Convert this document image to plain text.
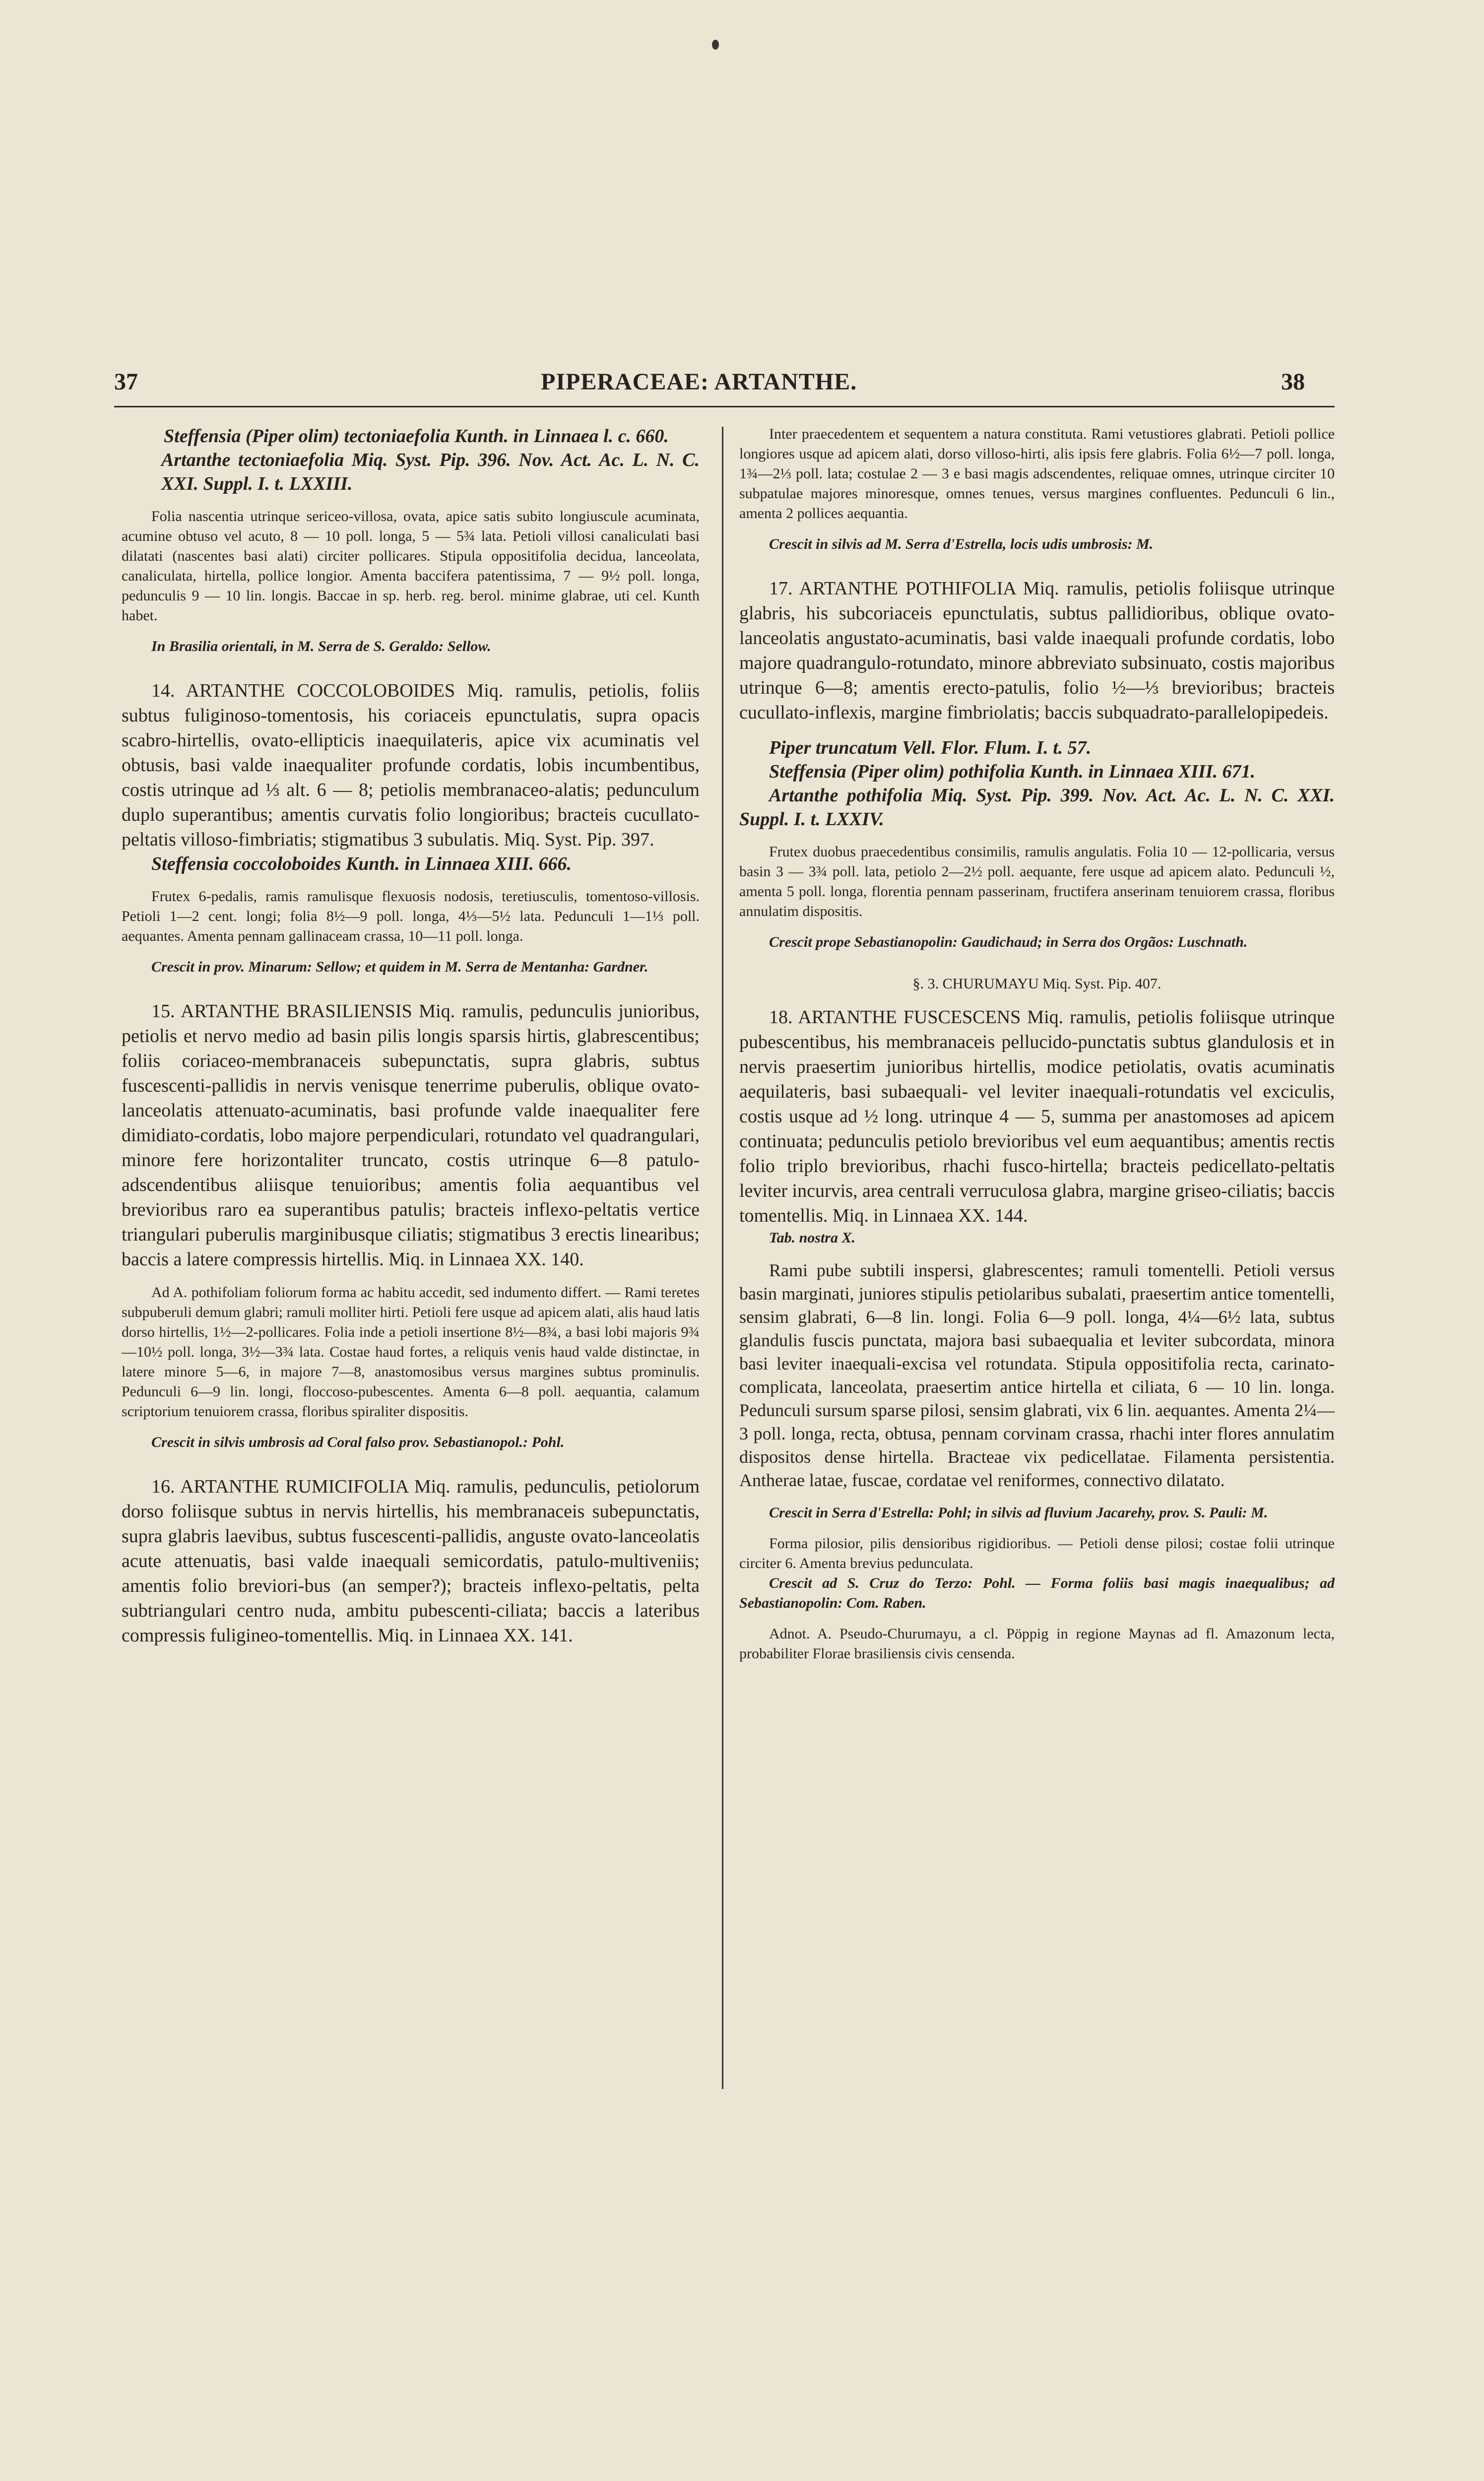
37	PIPERACEAE: ARTANTHE.	38

Steffensia (Piper olim) tectoniaefolia Kunth. in Linnaea l. c. 660.

Artanthe tectoniaefolia Miq. Syst. Pip. 396. Nov. Act. Ac. L. N. C. XXI. Suppl. I. t. LXXIII.

Folia nascentia utrinque sericeo-villosa, ovata, apice satis subito longiuscule acuminata, acumine obtuso vel acuto, 8 — 10 poll. longa, 5 — 5¾ lata. Petioli villosi canaliculati basi dilatati (nascentes basi alati) circiter pollicares. Stipula oppositifolia decidua, lanceolata, canaliculata, hirtella, pollice longior. Amenta baccifera patentissima, 7 — 9½ poll. longa, pedunculis 9 — 10 lin. longis. Baccae in sp. herb. reg. berol. minime glabrae, uti cel. Kunth habet.

In Brasilia orientali, in M. Serra de S. Geraldo: Sellow.

14. ARTANTHE COCCOLOBOIDES Miq. ramulis, petiolis, foliis subtus fuliginoso-tomentosis, his coriaceis epunctulatis, supra opacis scabro-hirtellis, ovato-ellipticis inaequilateris, apice vix acuminatis vel obtusis, basi valde inaequaliter profunde cordatis, lobis incumbentibus, costis utrinque ad ⅓ alt. 6 — 8; petiolis membranaceo-alatis; pedunculum duplo superantibus; amentis curvatis folio longioribus; bracteis cucullato-peltatis villoso-fimbriatis; stigmatibus 3 subulatis. Miq. Syst. Pip. 397.

Steffensia coccoloboides Kunth. in Linnaea XIII. 666.

Frutex 6-pedalis, ramis ramulisque flexuosis nodosis, teretiusculis, tomentoso-villosis. Petioli 1—2 cent. longi; folia 8½—9 poll. longa, 4⅓—5½ lata. Pedunculi 1—1⅓ poll. aequantes. Amenta pennam gallinaceam crassa, 10—11 poll. longa.

Crescit in prov. Minarum: Sellow; et quidem in M. Serra de Mentanha: Gardner.

15. ARTANTHE BRASILIENSIS Miq. ramulis, pedunculis junioribus, petiolis et nervo medio ad basin pilis longis sparsis hirtis, glabrescentibus; foliis coriaceo-membranaceis subepunctatis, supra glabris, subtus fuscescenti-pallidis in nervis venisque tenerrime puberulis, oblique ovato-lanceolatis attenuato-acuminatis, basi profunde valde inaequaliter fere dimidiato-cordatis, lobo majore perpendiculari, rotundato vel quadrangulari, minore fere horizontaliter truncato, costis utrinque 6—8 patulo-adscendentibus aliisque tenuioribus; amentis folia aequantibus vel brevioribus raro ea superantibus patulis; bracteis inflexo-peltatis vertice triangulari puberulis marginibusque ciliatis; stigmatibus 3 erectis linearibus; baccis a latere compressis hirtellis. Miq. in Linnaea XX. 140.

Ad A. pothifoliam foliorum forma ac habitu accedit, sed indumento differt. — Rami teretes subpuberuli demum glabri; ramuli molliter hirti. Petioli fere usque ad apicem alati, alis haud latis dorso hirtellis, 1½—2-pollicares. Folia inde a petioli insertione 8½—8¾, a basi lobi majoris 9¾—10½ poll. longa, 3½—3¾ lata. Costae haud fortes, a reliquis venis haud valde distinctae, in latere minore 5—6, in majore 7—8, anastomosibus versus margines subtus prominulis. Pedunculi 6—9 lin. longi, floccoso-pubescentes. Amenta 6—8 poll. aequantia, calamum scriptorium tenuiorem crassa, floribus spiraliter dispositis.

Crescit in silvis umbrosis ad Coral falso prov. Sebastianopol.: Pohl.

16. ARTANTHE RUMICIFOLIA Miq. ramulis, pedunculis, petiolorum dorso foliisque subtus in nervis hirtellis, his membranaceis subepunctatis, supra glabris laevibus, subtus fuscescenti-pallidis, anguste ovato-lanceolatis acute attenuatis, basi valde inaequali semicordatis, patulo-multiveniis; amentis folio breviori-bus (an semper?); bracteis inflexo-peltatis, pelta subtriangulari centro nuda, ambitu pubescenti-ciliata; baccis a lateribus compressis fuligineo-tomentellis. Miq. in Linnaea XX. 141.

Inter praecedentem et sequentem a natura constituta. Rami vetustiores glabrati. Petioli pollice longiores usque ad apicem alati, dorso villoso-hirti, alis ipsis fere glabris. Folia 6½—7 poll. longa, 1¾—2⅓ poll. lata; costulae 2 — 3 e basi magis adscendentes, reliquae omnes, utrinque circiter 10 subpatulae majores minoresque, omnes tenues, versus margines confluentes. Pedunculi 6 lin., amenta 2 pollices aequantia.

Crescit in silvis ad M. Serra d'Estrella, locis udis umbrosis: M.

17. ARTANTHE POTHIFOLIA Miq. ramulis, petiolis foliisque utrinque glabris, his subcoriaceis epunctulatis, subtus pallidioribus, oblique ovato-lanceolatis angustato-acuminatis, basi valde inaequali profunde cordatis, lobo majore quadrangulo-rotundato, minore abbreviato subsinuato, costis majoribus utrinque 6—8; amentis erecto-patulis, folio ½—⅓ brevioribus; bracteis cucullato-inflexis, margine fimbriolatis; baccis subquadrato-parallelopipedeis.

Piper truncatum Vell. Flor. Flum. I. t. 57.

Steffensia (Piper olim) pothifolia Kunth. in Linnaea XIII. 671.

Artanthe pothifolia Miq. Syst. Pip. 399. Nov. Act. Ac. L. N. C. XXI. Suppl. I. t. LXXIV.

Frutex duobus praecedentibus consimilis, ramulis angulatis. Folia 10 — 12-pollicaria, versus basin 3 — 3¾ poll. lata, petiolo 2—2½ poll. aequante, fere usque ad apicem alato. Pedunculi ½, amenta 5 poll. longa, florentia pennam passerinam, fructifera anserinam tenuiorem crassa, floribus annulatim dispositis.

Crescit prope Sebastianopolin: Gaudichaud; in Serra dos Orgãos: Luschnath.

§. 3. CHURUMAYU Miq. Syst. Pip. 407.

18. ARTANTHE FUSCESCENS Miq. ramulis, petiolis foliisque utrinque pubescentibus, his membranaceis pellucido-punctatis subtus glandulosis et in nervis praesertim junioribus hirtellis, modice petiolatis, ovatis acuminatis aequilateris, basi subaequali- vel leviter inaequali-rotundatis vel exciculis, costis usque ad ½ long. utrinque 4 — 5, summa per anastomoses ad apicem continuata; pedunculis petiolo brevioribus vel eum aequantibus; amentis rectis folio triplo brevioribus, rhachi fusco-hirtella; bracteis pedicellato-peltatis leviter incurvis, area centrali verruculosa glabra, margine griseo-ciliatis; baccis tomentellis. Miq. in Linnaea XX. 144.

Tab. nostra X.

Rami pube subtili inspersi, glabrescentes; ramuli tomentelli. Petioli versus basin marginati, juniores stipulis petiolaribus subalati, praesertim antice tomentelli, sensim glabrati, 6—8 lin. longi. Folia 6—9 poll. longa, 4¼—6½ lata, subtus glandulis fuscis punctata, majora basi subaequalia et leviter subcordata, minora basi leviter inaequali-excisa vel rotundata. Stipula oppositifolia recta, carinato-complicata, lanceolata, praesertim antice hirtella et ciliata, 6 — 10 lin. longa. Pedunculi sursum sparse pilosi, sensim glabrati, vix 6 lin. aequantes. Amenta 2¼—3 poll. longa, recta, obtusa, pennam corvinam crassa, rhachi inter flores annulatim dispositos dense hirtella. Bracteae vix pedicellatae. Filamenta persistentia. Antherae latae, fuscae, cordatae vel reniformes, connectivo dilatato.

Crescit in Serra d'Estrella: Pohl; in silvis ad fluvium Jacarehy, prov. S. Pauli: M.

Forma pilosior, pilis densioribus rigidioribus. — Petioli dense pilosi; costae folii utrinque circiter 6. Amenta brevius pedunculata.

Crescit ad S. Cruz do Terzo: Pohl. — Forma foliis basi magis inaequalibus; ad Sebastianopolin: Com. Raben.

Adnot. A. Pseudo-Churumayu, a cl. Pöppig in regione Maynas ad fl. Amazonum lecta, probabiliter Florae brasiliensis civis censenda.
